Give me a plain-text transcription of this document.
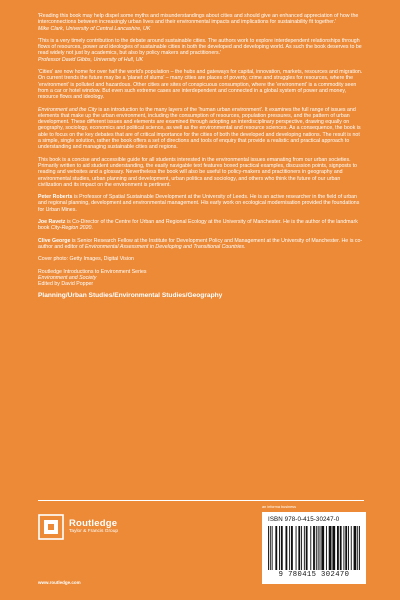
'Reading this book may help dispel some myths and misunderstandings about cities and should give an enhanced appreciation of how the interconnections between increasingly urban lives and their environmental impacts and implications for sustainability fit together.'

Mike Clark, University of Central Lancashire, UK

'This is a very timely contribution to the debate around sustainable cities. The authors work to explore interdependent relationships through flows of resources, power and ideologies of sustainable cities in both the developed and developing world. As such the book deserves to be read widely not just by academics, but also by policy makers and practitioners.'

Professor David Gibbs, University of Hull, UK

'Cities' are now home for over half the world's population – the hubs and gateways for capital, innovation, markets, resources and migration. On current trends the future may be a 'planet of slums' – many cities are places of poverty, crime and struggles for resources, where the 'environment' is polluted and hazardous. Other cities are sites of conspicuous consumption, where the 'environment' is a commodity seen from a car or hotel window. But even such extreme cases are interdependent and connected in a global system of power and money, resource flows and ideology.

Environment and the City is an introduction to the many layers of the 'human urban environment'. It examines the full range of issues and elements that make up the urban environment, including the consumption of resources, population pressures, and the pattern of urban development. These different issues and elements are examined through adopting an interdisciplinary perspective, drawing equally on geography, sociology, economics and political science, as well as the environmental and resource sciences. As a consequence, the book is able to focus on the key debates that are of critical importance for the cities of both the developed and developing nations. The result is not a simple, single solution, rather the book offers a set of directions and tools of enquiry that provide a realistic and practical approach to understanding and managing sustainable cities and regions.

This book is a concise and accessible guide for all students interested in the environmental issues emanating from our urban societies. Primarily written to aid student understanding, the easily navigable text features boxed practical examples, discussion points, signposts to reading and websites and a glossary. Nevertheless the book will also be useful to policy-makers and practitioners in geography and environmental studies, urban planning and development, urban politics and sociology, and others who think the future of our urban civilization and its impact on the environment is pertinent.

Peter Roberts is Professor of Spatial Sustainable Development at the University of Leeds. He is an active researcher in the field of urban and regional planning, development and environmental management. His early work on ecological modernisation provided the foundations for Urban Mines.

Joe Ravetz is Co-Director of the Centre for Urban and Regional Ecology at the University of Manchester. He is the author of the landmark book City-Region 2020.

Clive George is Senior Research Fellow at the Institute for Development Policy and Management at the University of Manchester. He is co-author and editor of Environmental Assessment in Developing and Transitional Countries.

Cover photo: Getty Images, Digital Vision

Routledge Introductions to Environment Series
Environment and Society
Edited by David Popper
Planning/Urban Studies/Environmental Studies/Geography
Routledge
Taylor & Francis Group
www.routledge.com
an informa business
ISBN 978-0-415-30247-0
9 780415 302470
